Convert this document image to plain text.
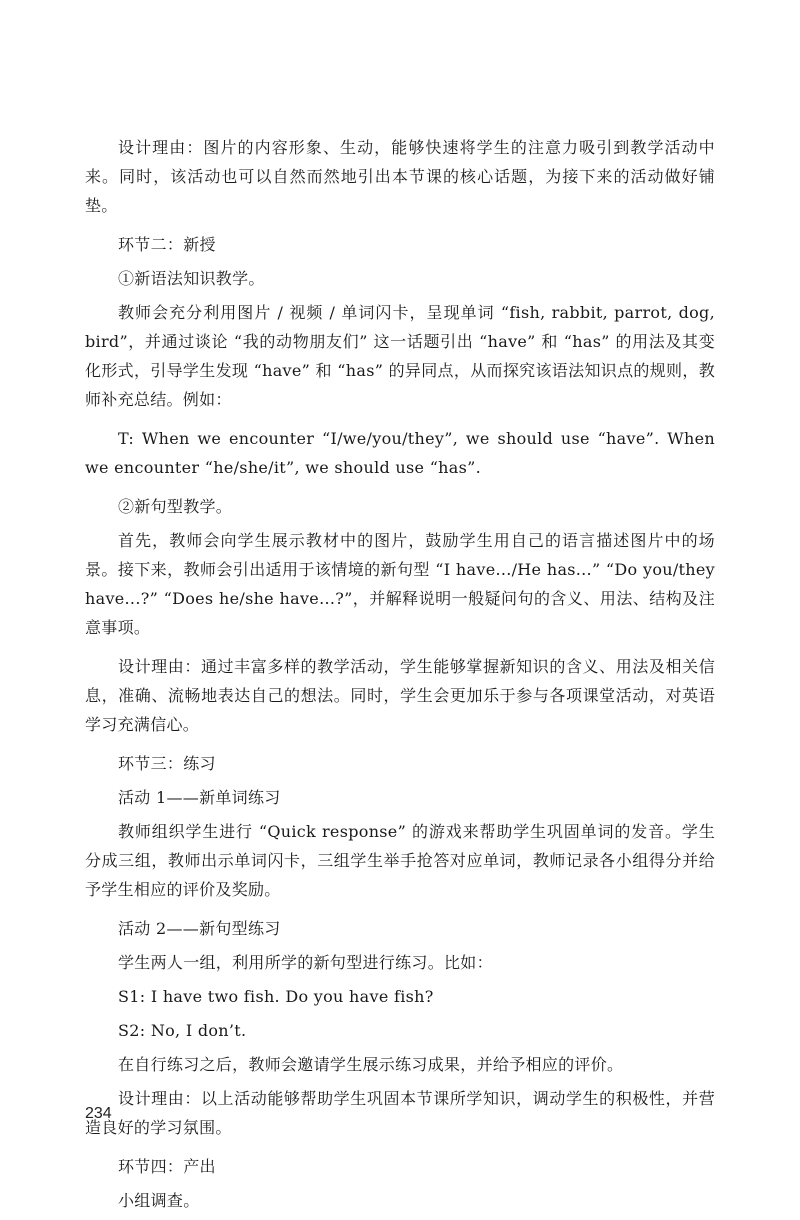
设计理由：图片的内容形象、生动，能够快速将学生的注意力吸引到教学活动中来。同时，该活动也可以自然而然地引出本节课的核心话题，为接下来的活动做好铺垫。

环节二：新授

①新语法知识教学。

教师会充分利用图片 / 视频 / 单词闪卡，呈现单词 “fish, rabbit, parrot, dog, bird”，并通过谈论 “我的动物朋友们” 这一话题引出 “have” 和 “has” 的用法及其变化形式，引导学生发现 “have” 和 “has” 的异同点，从而探究该语法知识点的规则，教师补充总结。例如：

T: When we encounter “I/we/you/they”, we should use “have”. When we encounter “he/she/it”, we should use “has”.

②新句型教学。

首先，教师会向学生展示教材中的图片，鼓励学生用自己的语言描述图片中的场景。接下来，教师会引出适用于该情境的新句型 “I have.../He has...” “Do you/they have...?” “Does he/she have...?”，并解释说明一般疑问句的含义、用法、结构及注意事项。

设计理由：通过丰富多样的教学活动，学生能够掌握新知识的含义、用法及相关信息，准确、流畅地表达自己的想法。同时，学生会更加乐于参与各项课堂活动，对英语学习充满信心。

环节三：练习

活动 1——新单词练习

教师组织学生进行 “Quick response” 的游戏来帮助学生巩固单词的发音。学生分成三组，教师出示单词闪卡，三组学生举手抢答对应单词，教师记录各小组得分并给予学生相应的评价及奖励。

活动 2——新句型练习

学生两人一组，利用所学的新句型进行练习。比如：

S1: I have two fish. Do you have fish?

S2: No, I don’t.

在自行练习之后，教师会邀请学生展示练习成果，并给予相应的评价。

设计理由：以上活动能够帮助学生巩固本节课所学知识，调动学生的积极性，并营造良好的学习氛围。

环节四：产出

小组调查。

234
